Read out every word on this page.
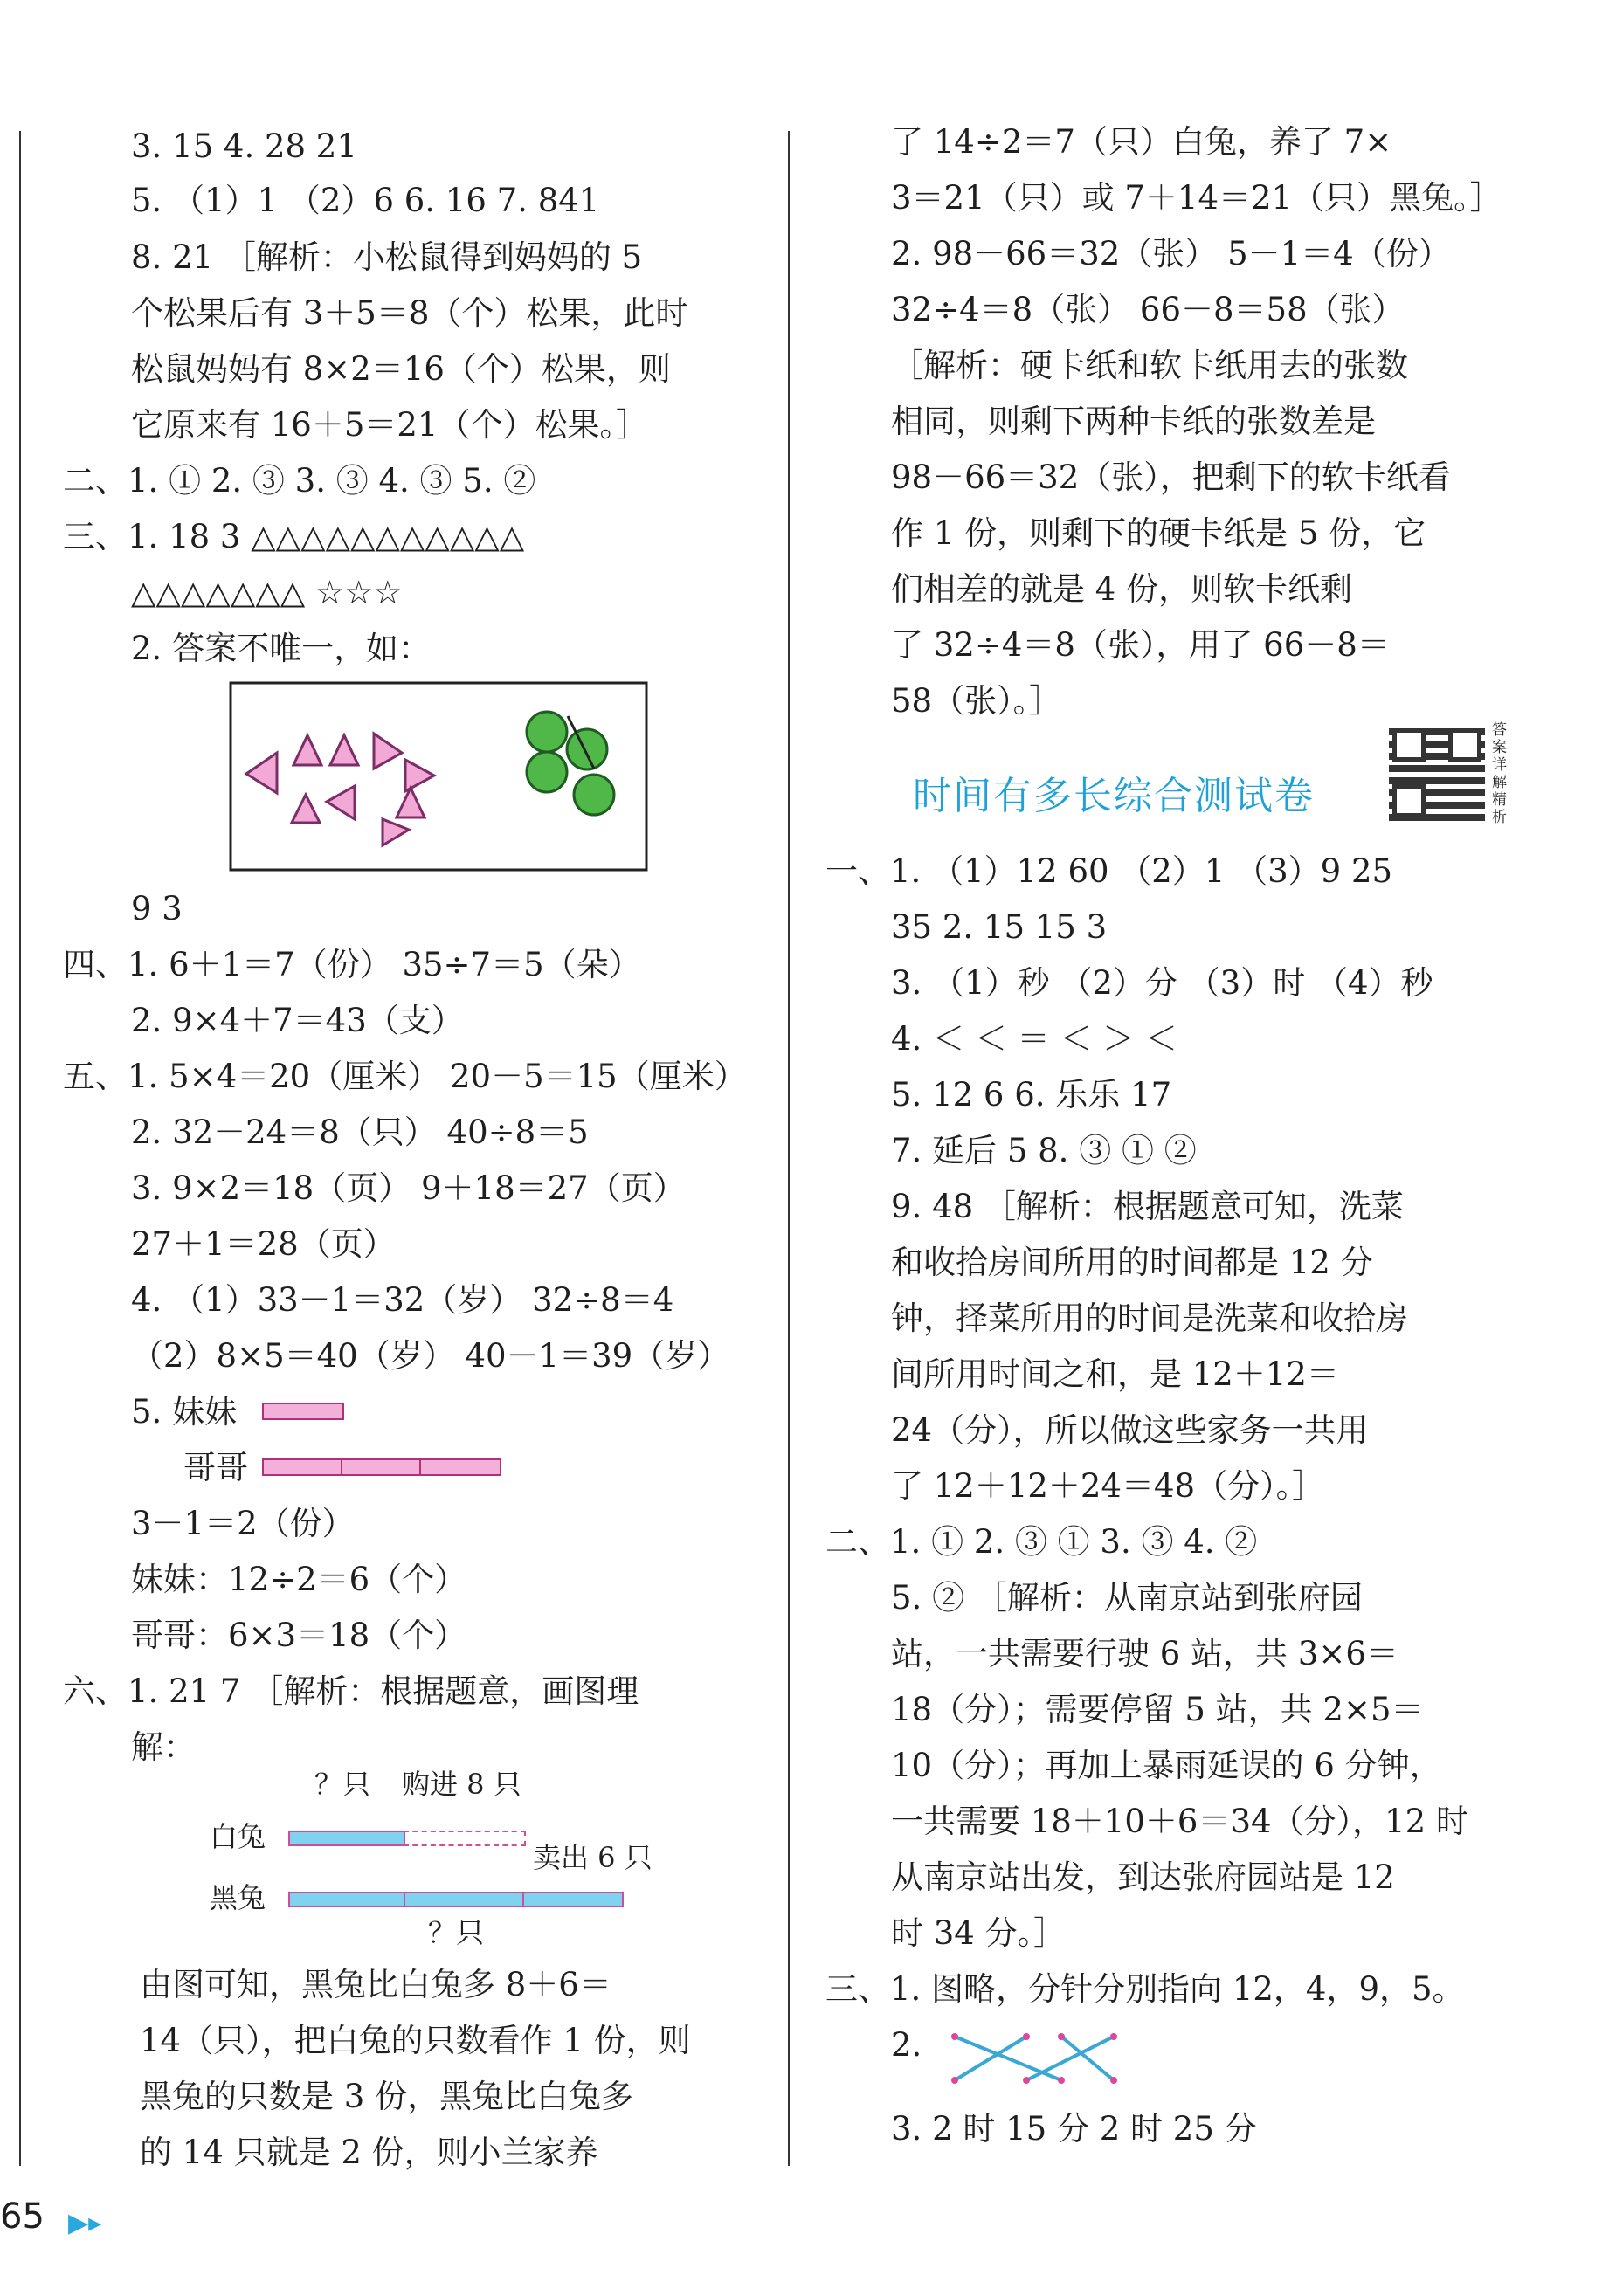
3. 15 4. 28 21
5. （1）1 （2）6 6. 16 7. 841
8. 21 ［解析：小松鼠得到妈妈的 5
个松果后有 3＋5＝8（个）松果，此时
松鼠妈妈有 8×2＝16（个）松果，则
它原来有 16＋5＝21（个）松果。］
二、1. ① 2. ③ 3. ③ 4. ③ 5. ②
三、1. 18 3 △△△△△△△△△△△
△△△△△△△ ☆☆☆
2. 答案不唯一，如：
9 3
四、1. 6＋1＝7（份） 35÷7＝5（朵）
2. 9×4＋7＝43（支）
五、1. 5×4＝20（厘米） 20－5＝15（厘米）
2. 32－24＝8（只） 40÷8＝5
3. 9×2＝18（页） 9＋18＝27（页）
27＋1＝28（页）
4. （1）33－1＝32（岁） 32÷8＝4
（2）8×5＝40（岁） 40－1＝39（岁）
5. 妹妹
哥哥
3－1＝2（份）
妹妹：12÷2＝6（个）
哥哥：6×3＝18（个）
六、1. 21 7 ［解析：根据题意，画图理
解：
？只 购进 8 只
白兔
卖出 6 只
黑兔
？只
由图可知，黑兔比白兔多 8＋6＝
14（只），把白兔的只数看作 1 份，则
黑兔的只数是 3 份，黑兔比白兔多
的 14 只就是 2 份，则小兰家养
了 14÷2＝7（只）白兔，养了 7×
3＝21（只）或 7＋14＝21（只）黑兔。］
2. 98－66＝32（张） 5－1＝4（份）
32÷4＝8（张） 66－8＝58（张）
［解析：硬卡纸和软卡纸用去的张数
相同，则剩下两种卡纸的张数差是
98－66＝32（张），把剩下的软卡纸看
作 1 份，则剩下的硬卡纸是 5 份，它
们相差的就是 4 份，则软卡纸剩
了 32÷4＝8（张），用了 66－8＝
58（张）。］
时间有多长综合测试卷
答案详解精析
一、1. （1）12 60 （2）1 （3）9 25
35 2. 15 15 3
3. （1）秒 （2）分 （3）时 （4）秒
4. ＜ ＜ ＝ ＜ ＞ ＜
5. 12 6 6. 乐乐 17
7. 延后 5 8. ③ ① ②
9. 48 ［解析：根据题意可知，洗菜
和收拾房间所用的时间都是 12 分
钟，择菜所用的时间是洗菜和收拾房
间所用时间之和，是 12＋12＝
24（分），所以做这些家务一共用
了 12＋12＋24＝48（分）。］
二、1. ① 2. ③ ① 3. ③ 4. ②
5. ② ［解析：从南京站到张府园
站，一共需要行驶 6 站，共 3×6＝
18（分）；需要停留 5 站，共 2×5＝
10（分）；再加上暴雨延误的 6 分钟，
一共需要 18＋10＋6＝34（分），12 时
从南京站出发，到达张府园站是 12
时 34 分。］
三、1. 图略，分针分别指向 12，4，9，5。
2.
3. 2 时 15 分 2 时 25 分
65 ▶▸
